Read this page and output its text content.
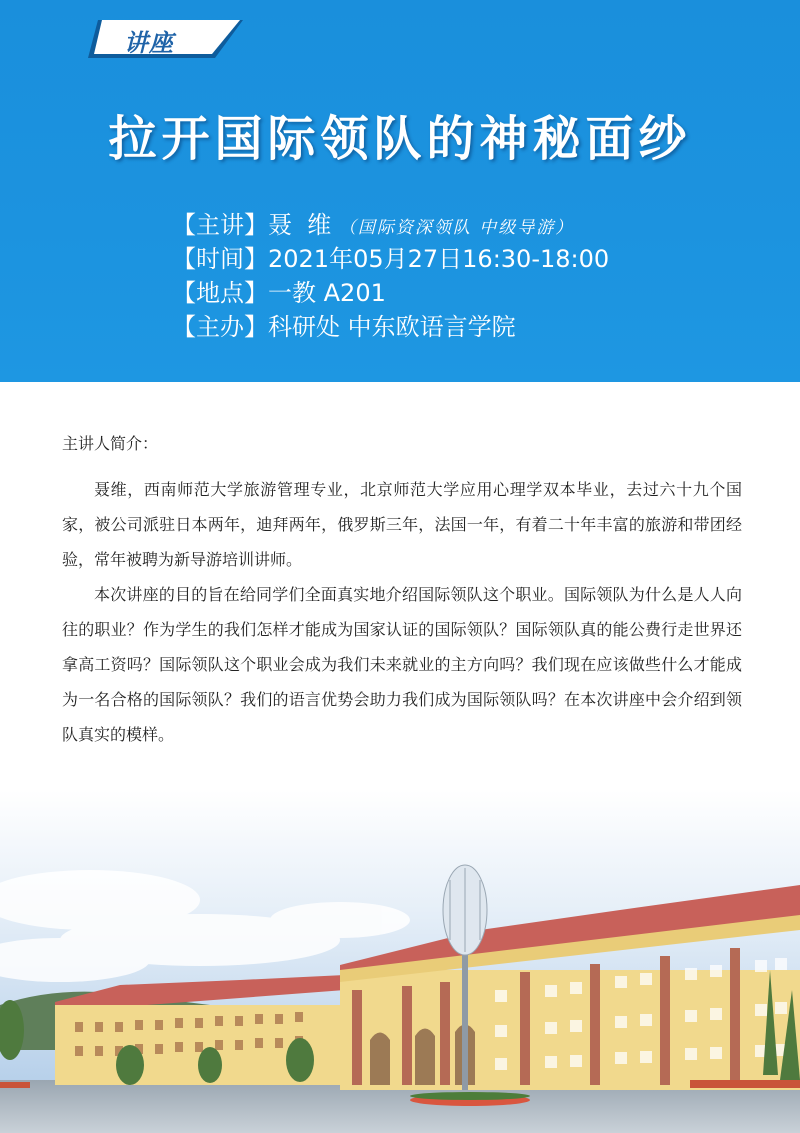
讲座
拉开国际领队的神秘面纱
【主讲】聂  维 （国际资深领队 中级导游）
【时间】2021年05月27日16:30-18:00
【地点】一教 A201
【主办】科研处 中东欧语言学院
主讲人简介：

聂维，西南师范大学旅游管理专业，北京师范大学应用心理学双本毕业，去过六十九个国家，被公司派驻日本两年，迪拜两年，俄罗斯三年，法国一年，有着二十年丰富的旅游和带团经验，常年被聘为新导游培训讲师。

本次讲座的目的旨在给同学们全面真实地介绍国际领队这个职业。国际领队为什么是人人向往的职业？作为学生的我们怎样才能成为国家认证的国际领队？国际领队真的能公费行走世界还拿高工资吗？国际领队这个职业会成为我们未来就业的主方向吗？我们现在应该做些什么才能成为一名合格的国际领队？我们的语言优势会助力我们成为国际领队吗？在本次讲座中会介绍到领队真实的模样。
